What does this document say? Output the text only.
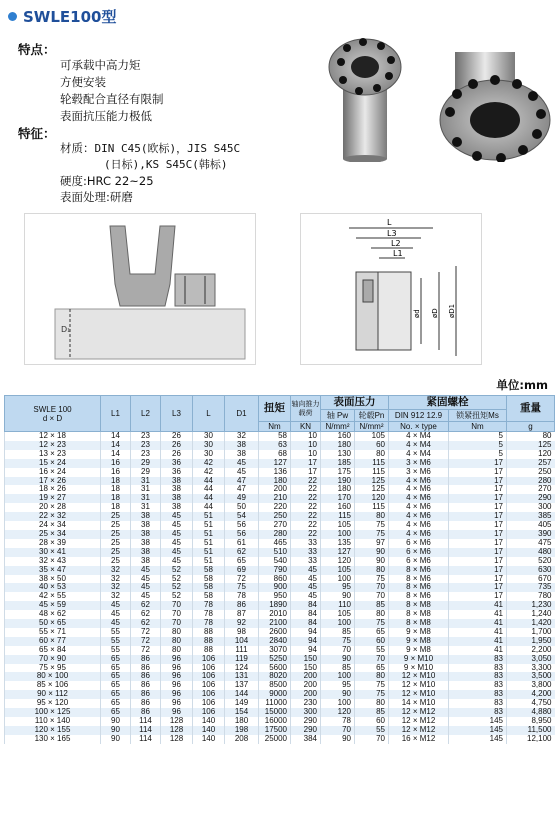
SWLE100型
特点：
可承载中高力矩
方便安装
轮毂配合直径有限制
表面抗压能力极低
特征：
材质：DIN C45(欧标)，JIS S45C
(日标),KS S45C(韩标)
硬度:HRC 22~25
表面处理:研磨
D₁
L
L3
L2
L1
ød øD øD1
单位:mm
SWLE 100
d × D	L1	L2	L3	L	D1	扭矩	轴向推力载荷	表面压力		紧固螺栓		重量
								轴 Pw	轮毂Pn	DIN 912 12.9	锁紧扭矩Ms	
						Nm	KN	N/mm²	N/mm²	No. × type	Nm	g
12 × 18	14	23	26	30	32	58	10	160	105	4 × M4	5	80
12 × 23	14	23	26	30	38	63	10	180	60	4 × M4	5	125
13 × 23	14	23	26	30	38	68	10	130	80	4 × M4	5	120
15 × 24	16	29	36	42	45	127	17	185	115	3 × M6	17	257
16 × 24	16	29	36	42	45	136	17	175	115	3 × M6	17	250
17 × 26	18	31	38	44	47	180	22	190	125	4 × M6	17	280
18 × 26	18	31	38	44	47	200	22	180	125	4 × M6	17	270
19 × 27	18	31	38	44	49	210	22	170	120	4 × M6	17	290
20 × 28	18	31	38	44	50	220	22	160	115	4 × M6	17	300
22 × 32	25	38	45	51	54	250	22	115	80	4 × M6	17	385
24 × 34	25	38	45	51	56	270	22	105	75	4 × M6	17	405
25 × 34	25	38	45	51	56	280	22	100	75	4 × M6	17	390
28 × 39	25	38	45	51	61	465	33	135	97	6 × M6	17	475
30 × 41	25	38	45	51	62	510	33	127	90	6 × M6	17	480
32 × 43	25	38	45	51	65	540	33	120	90	6 × M6	17	520
35 × 47	32	45	52	58	69	790	45	105	80	8 × M6	17	630
38 × 50	32	45	52	58	72	860	45	100	75	8 × M6	17	670
40 × 53	32	45	52	58	75	900	45	95	70	8 × M6	17	735
42 × 55	32	45	52	58	78	950	45	90	70	8 × M6	17	780
45 × 59	45	62	70	78	86	1890	84	110	85	8 × M8	41	1,230
48 × 62	45	62	70	78	87	2010	84	105	80	8 × M8	41	1,240
50 × 65	45	62	70	78	92	2100	84	100	75	8 × M8	41	1,420
55 × 71	55	72	80	88	98	2600	94	85	65	9 × M8	41	1,700
60 × 77	55	72	80	88	104	2840	94	75	60	9 × M8	41	1,950
65 × 84	55	72	80	88	111	3070	94	70	55	9 × M8	41	2,200
70 × 90	65	86	96	106	119	5250	150	90	70	9 × M10	83	3,050
75 × 95	65	86	96	106	124	5600	150	85	65	9 × M10	83	3,300
80 × 100	65	86	96	106	131	8020	200	100	80	12 × M10	83	3,500
85 × 106	65	86	96	106	137	8500	200	95	75	12 × M10	83	3,800
90 × 112	65	86	96	106	144	9000	200	90	75	12 × M10	83	4,200
95 × 120	65	86	96	106	149	11000	230	100	80	14 × M10	83	4,750
100 × 125	65	86	96	106	154	15000	300	120	85	12 × M12	83	4,880
110 × 140	90	114	128	140	180	16000	290	78	60	12 × M12	145	8,950
120 × 155	90	114	128	140	198	17500	290	70	55	12 × M12	145	11,500
130 × 165	90	114	128	140	208	25000	384	90	70	16 × M12	145	12,100
